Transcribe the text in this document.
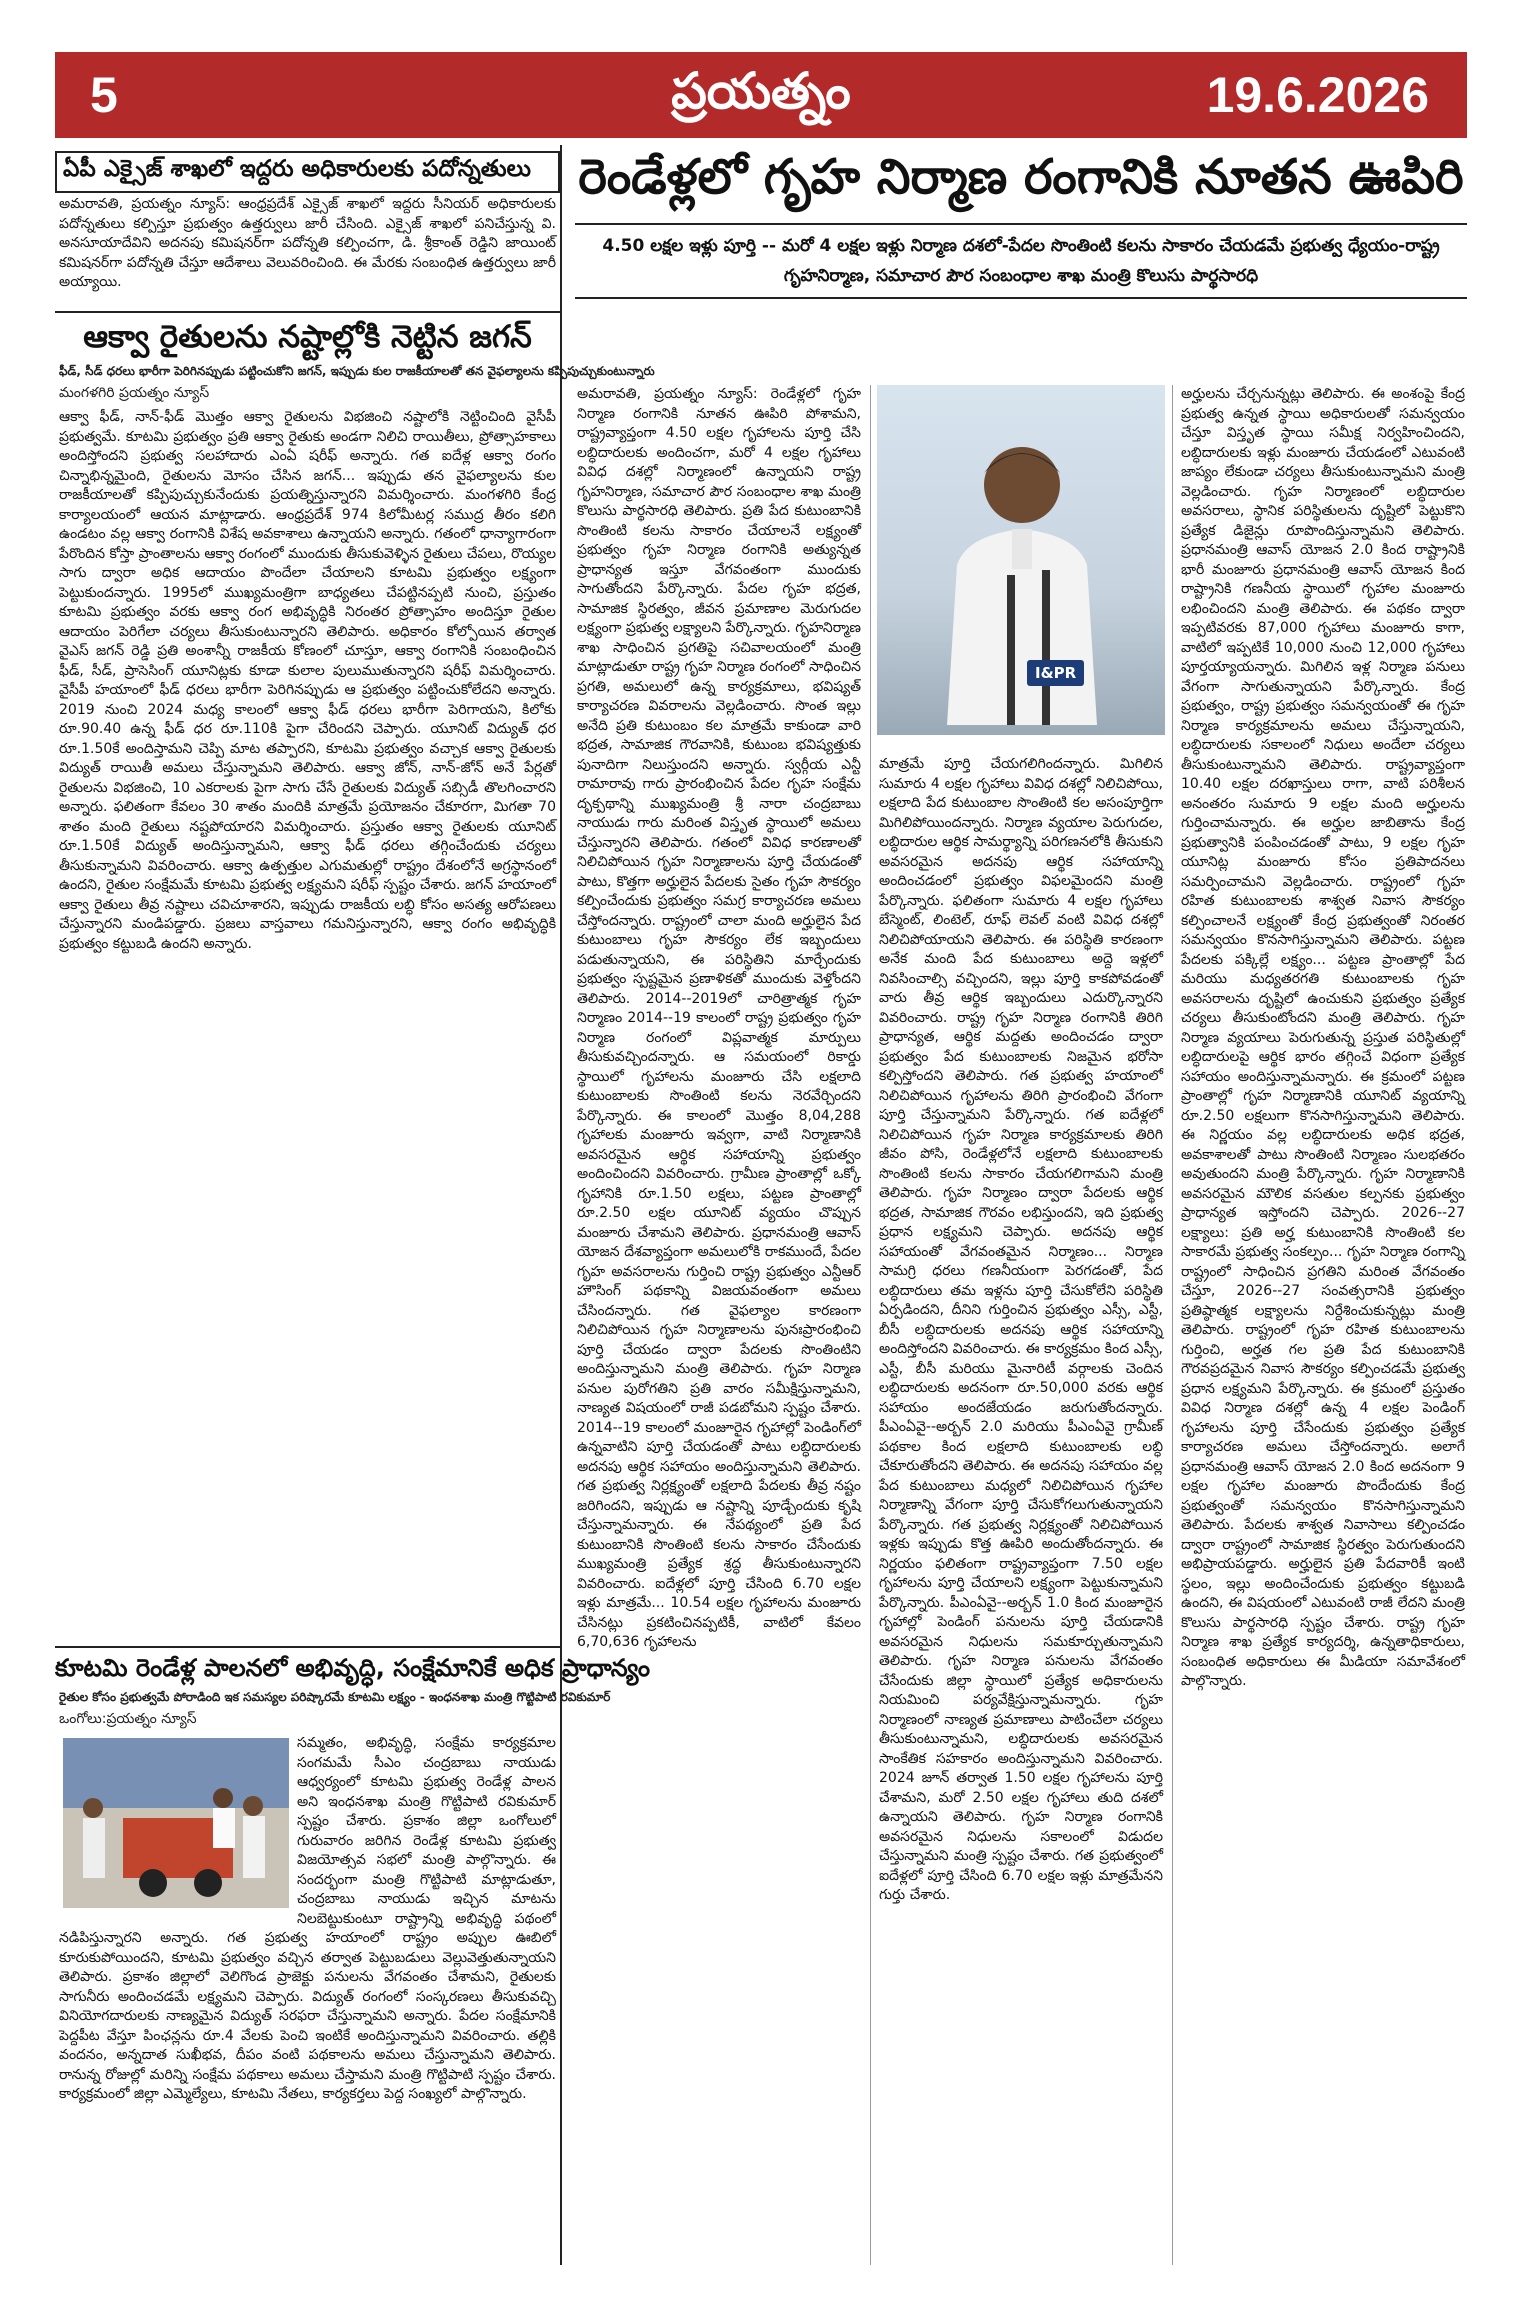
5	ప్రయత్నం	19.6.2026
ఏపీ ఎక్సైజ్ శాఖలో ఇద్దరు అధికారులకు పదోన్నతులు
అమరావతి, ప్రయత్నం న్యూస్: ఆంధ్రప్రదేశ్ ఎక్సైజ్ శాఖలో ఇద్దరు సీనియర్ అధికారులకు పదోన్నతులు కల్పిస్తూ ప్రభుత్వం ఉత్తర్వులు జారీ చేసింది. ఎక్సైజ్ శాఖలో పనిచేస్తున్న వి. అనసూయాదేవిని అదనపు కమిషనర్‌గా పదోన్నతి కల్పించగా, డి. శ్రీకాంత్ రెడ్డిని జాయింట్ కమిషనర్‌గా పదోన్నతి చేస్తూ ఆదేశాలు వెలువరించింది. ఈ మేరకు సంబంధిత ఉత్తర్వులు జారీ అయ్యాయి.
ఆక్వా రైతులను నష్టాల్లోకి నెట్టిన జగన్
ఫీడ్, సీడ్ ధరలు భారీగా పెరిగినప్పుడు పట్టించుకోని జగన్, ఇప్పుడు కుల రాజకీయాలతో తన వైఫల్యాలను కప్పిపుచ్చుకుంటున్నారు
మంగళగిరి ప్రయత్నం న్యూస్
ఆక్వా ఫీడ్, నాన్-ఫీడ్ మొత్తం ఆక్వా రైతులను విభజించి నష్టాలోకి నెట్టించింది వైసీపీ ప్రభుత్వమే. కూటమి ప్రభుత్వం ప్రతి ఆక్వా రైతుకు అండగా నిలిచి రాయితీలు, ప్రోత్సాహకాలు అందిస్తోందని ప్రభుత్వ సలహాదారు ఎంఏ షరీఫ్ అన్నారు. గత ఐదేళ్ల ఆక్వా రంగం చిన్నాభిన్నమైంది, రైతులను మోసం చేసిన జగన్... ఇప్పుడు తన వైఫల్యాలను కుల రాజకీయాలతో కప్పిపుచ్చుకునేందుకు ప్రయత్నిస్తున్నారని విమర్శించారు. మంగళగిరి కేంద్ర కార్యాలయంలో ఆయన మాట్లాడారు. ఆంధ్రప్రదేశ్ 974 కిలోమీటర్ల సముద్ర తీరం కలిగి ఉండటం వల్ల ఆక్వా రంగానికి విశేష అవకాశాలు ఉన్నాయని అన్నారు. గతంలో ధాన్యాగారంగా పేరొందిన కోస్తా ప్రాంతాలను ఆక్వా రంగంలో ముందుకు తీసుకువెళ్ళిన రైతులు చేపలు, రొయ్యల సాగు ద్వారా అధిక ఆదాయం పొందేలా చేయాలని కూటమి ప్రభుత్వం లక్ష్యంగా పెట్టుకుందన్నారు. 1995లో ముఖ్యమంత్రిగా బాధ్యతలు చేపట్టినప్పటి నుంచి, ప్రస్తుతం కూటమి ప్రభుత్వం వరకు ఆక్వా రంగ అభివృద్ధికి నిరంతర ప్రోత్సాహం అందిస్తూ రైతుల ఆదాయం పెరిగేలా చర్యలు తీసుకుంటున్నారని తెలిపారు. అధికారం కోల్పోయిన తర్వాత వైఎస్ జగన్ రెడ్డి ప్రతి అంశాన్నీ రాజకీయ కోణంలో చూస్తూ, ఆక్వా రంగానికి సంబంధించిన ఫీడ్, సీడ్, ప్రాసెసింగ్ యూనిట్లకు కూడా కులాల పులుముతున్నారని షరీఫ్ విమర్శించారు. వైసీపీ హయాంలో ఫీడ్ ధరలు భారీగా పెరిగినప్పుడు ఆ ప్రభుత్వం పట్టించుకోలేదని అన్నారు. 2019 నుంచి 2024 మధ్య కాలంలో ఆక్వా ఫీడ్ ధరలు భారీగా పెరిగాయని, కిలోకు రూ.90.40 ఉన్న ఫీడ్ ధర రూ.110కి పైగా చేరిందని చెప్పారు. యూనిట్ విద్యుత్ ధర రూ.1.50కే అందిస్తామని చెప్పి మాట తప్పారని, కూటమి ప్రభుత్వం వచ్చాక ఆక్వా రైతులకు విద్యుత్ రాయితీ అమలు చేస్తున్నామని తెలిపారు. ఆక్వా జోన్, నాన్-జోన్ అనే పేర్లతో రైతులను విభజించి, 10 ఎకరాలకు పైగా సాగు చేసే రైతులకు విద్యుత్ సబ్సిడీ తొలగించారని అన్నారు. ఫలితంగా కేవలం 30 శాతం మందికి మాత్రమే ప్రయోజనం చేకూరగా, మిగతా 70 శాతం మంది రైతులు నష్టపోయారని విమర్శించారు. ప్రస్తుతం ఆక్వా రైతులకు యూనిట్ రూ.1.50కే విద్యుత్ అందిస్తున్నామని, ఆక్వా ఫీడ్ ధరలు తగ్గించేందుకు చర్యలు తీసుకున్నామని వివరించారు. ఆక్వా ఉత్పత్తుల ఎగుమతుల్లో రాష్ట్రం దేశంలోనే అగ్రస్థానంలో ఉందని, రైతుల సంక్షేమమే కూటమి ప్రభుత్వ లక్ష్యమని షరీఫ్ స్పష్టం చేశారు. జగన్ హయాంలో ఆక్వా రైతులు తీవ్ర నష్టాలు చవిచూశారని, ఇప్పుడు రాజకీయ లబ్ధి కోసం అసత్య ఆరోపణలు చేస్తున్నారని మండిపడ్డారు. ప్రజలు వాస్తవాలు గమనిస్తున్నారని, ఆక్వా రంగం అభివృద్ధికి ప్రభుత్వం కట్టుబడి ఉందని అన్నారు.
కూటమి రెండేళ్ల పాలనలో అభివృద్ధి, సంక్షేమానికే అధిక ప్రాధాన్యం
రైతుల కోసం ప్రభుత్వమే పోరాడింది ఇక సమస్యల పరిష్కారమే కూటమి లక్ష్యం - ఇంధనశాఖ మంత్రి గొట్టిపాటి రవికుమార్
ఒంగోలు:ప్రయత్నం న్యూస్
సమ్మతం, అభివృద్ధి, సంక్షేమ కార్యక్రమాల సంగమమే సీఎం చంద్రబాబు నాయుడు ఆధ్వర్యంలో కూటమి ప్రభుత్వ రెండేళ్ల పాలన అని ఇంధనశాఖ మంత్రి గొట్టిపాటి రవికుమార్ స్పష్టం చేశారు. ప్రకాశం జిల్లా ఒంగోలులో గురువారం జరిగిన రెండేళ్ల కూటమి ప్రభుత్వ విజయోత్సవ సభలో మంత్రి పాల్గొన్నారు. ఈ సందర్భంగా మంత్రి గొట్టిపాటి మాట్లాడుతూ, చంద్రబాబు నాయుడు ఇచ్చిన మాటను నిలబెట్టుకుంటూ రాష్ట్రాన్ని అభివృద్ధి పథంలో నడిపిస్తున్నారని అన్నారు. గత ప్రభుత్వ హయాంలో రాష్ట్రం అప్పుల ఊబిలో కూరుకుపోయిందని, కూటమి ప్రభుత్వం వచ్చిన తర్వాత పెట్టుబడులు వెల్లువెత్తుతున్నాయని తెలిపారు. ప్రకాశం జిల్లాలో వెలిగొండ ప్రాజెక్టు పనులను వేగవంతం చేశామని, రైతులకు సాగునీరు అందించడమే లక్ష్యమని చెప్పారు. విద్యుత్ రంగంలో సంస్కరణలు తీసుకువచ్చి వినియోగదారులకు నాణ్యమైన విద్యుత్ సరఫరా చేస్తున్నామని అన్నారు. పేదల సంక్షేమానికి పెద్దపీట వేస్తూ పింఛన్లను రూ.4 వేలకు పెంచి ఇంటికే అందిస్తున్నామని వివరించారు. తల్లికి వందనం, అన్నదాత సుఖీభవ, దీపం వంటి పథకాలను అమలు చేస్తున్నామని తెలిపారు. రానున్న రోజుల్లో మరిన్ని సంక్షేమ పథకాలు అమలు చేస్తామని మంత్రి గొట్టిపాటి స్పష్టం చేశారు. కార్యక్రమంలో జిల్లా ఎమ్మెల్యేలు, కూటమి నేతలు, కార్యకర్తలు పెద్ద సంఖ్యలో పాల్గొన్నారు.
రెండేళ్లలో గృహ నిర్మాణ రంగానికి నూతన ఊపిరి
4.50 లక్షల ఇళ్లు పూర్తి -- మరో 4 లక్షల ఇళ్లు నిర్మాణ దశలో-పేదల సొంతింటి కలను సాకారం చేయడమే ప్రభుత్వ ధ్యేయం-రాష్ట్ర గృహనిర్మాణ, సమాచార పౌర సంబంధాల శాఖ మంత్రి కొలుసు పార్థసారధి
అమరావతి, ప్రయత్నం న్యూస్: రెండేళ్లలో గృహ నిర్మాణ రంగానికి నూతన ఊపిరి పోశామని, రాష్ట్రవ్యాప్తంగా 4.50 లక్షల గృహాలను పూర్తి చేసి లబ్ధిదారులకు అందించగా, మరో 4 లక్షల గృహాలు వివిధ దశల్లో నిర్మాణంలో ఉన్నాయని రాష్ట్ర గృహనిర్మాణ, సమాచార పౌర సంబంధాల శాఖ మంత్రి కొలుసు పార్థసారధి తెలిపారు. ప్రతి పేద కుటుంబానికి సొంతింటి కలను సాకారం చేయాలనే లక్ష్యంతో ప్రభుత్వం గృహ నిర్మాణ రంగానికి అత్యున్నత ప్రాధాన్యత ఇస్తూ వేగవంతంగా ముందుకు సాగుతోందని పేర్కొన్నారు. పేదల గృహ భద్రత, సామాజిక స్థిరత్వం, జీవన ప్రమాణాల మెరుగుదల లక్ష్యంగా ప్రభుత్వ లక్ష్యాలని పేర్కొన్నారు. గృహనిర్మాణ శాఖ సాధించిన ప్రగతిపై సచివాలయంలో మంత్రి మాట్లాడుతూ రాష్ట్ర గృహ నిర్మాణ రంగంలో సాధించిన ప్రగతి, అమలులో ఉన్న కార్యక్రమాలు, భవిష్యత్ కార్యాచరణ వివరాలను వెల్లడించారు. సొంత ఇల్లు అనేది ప్రతి కుటుంబం కల మాత్రమే కాకుండా వారి భద్రత, సామాజిక గౌరవానికి, కుటుంబ భవిష్యత్తుకు పునాదిగా నిలుస్తుందని అన్నారు. స్వర్గీయ ఎన్టీ రామారావు గారు ప్రారంభించిన పేదల గృహ సంక్షేమ దృక్పథాన్ని ముఖ్యమంత్రి శ్రీ నారా చంద్రబాబు నాయుడు గారు మరింత విస్తృత స్థాయిలో అమలు చేస్తున్నారని తెలిపారు. గతంలో వివిధ కారణాలతో నిలిచిపోయిన గృహ నిర్మాణాలను పూర్తి చేయడంతో పాటు, కొత్తగా అర్హులైన పేదలకు సైతం గృహ సౌకర్యం కల్పించేందుకు ప్రభుత్వం సమగ్ర కార్యాచరణ అమలు చేస్తోందన్నారు. రాష్ట్రంలో చాలా మంది అర్హులైన పేద కుటుంబాలు గృహ సౌకర్యం లేక ఇబ్బందులు పడుతున్నాయని, ఈ పరిస్థితిని మార్చేందుకు ప్రభుత్వం స్పష్టమైన ప్రణాళికతో ముందుకు వెళ్తోందని తెలిపారు. 2014--2019లో చారిత్రాత్మక గృహ నిర్మాణం 2014--19 కాలంలో రాష్ట్ర ప్రభుత్వం గృహ నిర్మాణ రంగంలో విప్లవాత్మక మార్పులు తీసుకువచ్చిందన్నారు. ఆ సమయంలో రికార్డు స్థాయిలో గృహాలను మంజూరు చేసి లక్షలాది కుటుంబాలకు సొంతింటి కలను నెరవేర్చిందని పేర్కొన్నారు. ఈ కాలంలో మొత్తం 8,04,288 గృహాలకు మంజూరు ఇవ్వగా, వాటి నిర్మాణానికి అవసరమైన ఆర్థిక సహాయాన్ని ప్రభుత్వం అందించిందని వివరించారు. గ్రామీణ ప్రాంతాల్లో ఒక్కో గృహానికి రూ.1.50 లక్షలు, పట్టణ ప్రాంతాల్లో రూ.2.50 లక్షల యూనిట్ వ్యయం చొప్పున మంజూరు చేశామని తెలిపారు. ప్రధానమంత్రి ఆవాస్ యోజన దేశవ్యాప్తంగా అమలులోకి రాకముందే, పేదల గృహ అవసరాలను గుర్తించి రాష్ట్ర ప్రభుత్వం ఎన్టీఆర్ హౌసింగ్ పథకాన్ని విజయవంతంగా అమలు చేసిందన్నారు. గత వైఫల్యాల కారణంగా నిలిచిపోయిన గృహ నిర్మాణాలను పునఃప్రారంభించి పూర్తి చేయడం ద్వారా పేదలకు సొంతింటిని అందిస్తున్నామని మంత్రి తెలిపారు. గృహ నిర్మాణ పనుల పురోగతిని ప్రతి వారం సమీక్షిస్తున్నామని, నాణ్యత విషయంలో రాజీ పడబోమని స్పష్టం చేశారు. 2014--19 కాలంలో మంజూరైన గృహాల్లో పెండింగ్‌లో ఉన్నవాటిని పూర్తి చేయడంతో పాటు లబ్ధిదారులకు అదనపు ఆర్థిక సహాయం అందిస్తున్నామని తెలిపారు. గత ప్రభుత్వ నిర్లక్ష్యంతో లక్షలాది పేదలకు తీవ్ర నష్టం జరిగిందని, ఇప్పుడు ఆ నష్టాన్ని పూడ్చేందుకు కృషి చేస్తున్నామన్నారు. ఈ నేపథ్యంలో ప్రతి పేద కుటుంబానికి సొంతింటి కలను సాకారం చేసేందుకు ముఖ్యమంత్రి ప్రత్యేక శ్రద్ధ తీసుకుంటున్నారని వివరించారు. ఐదేళ్లలో పూర్తి చేసింది 6.70 లక్షల ఇళ్లు మాత్రమే... 10.54 లక్షల గృహాలను మంజూరు చేసినట్లు ప్రకటించినప్పటికీ, వాటిలో కేవలం 6,70,636 గృహాలను
I&PR
మాత్రమే పూర్తి చేయగలిగిందన్నారు. మిగిలిన సుమారు 4 లక్షల గృహాలు వివిధ దశల్లో నిలిచిపోయి, లక్షలాది పేద కుటుంబాల సొంతింటి కల అసంపూర్తిగా మిగిలిపోయిందన్నారు. నిర్మాణ వ్యయాల పెరుగుదల, లబ్ధిదారుల ఆర్థిక సామర్థ్యాన్ని పరిగణనలోకి తీసుకుని అవసరమైన అదనపు ఆర్థిక సహాయాన్ని అందించడంలో ప్రభుత్వం విఫలమైందని మంత్రి పేర్కొన్నారు. ఫలితంగా సుమారు 4 లక్షల గృహాలు బేస్మెంట్, లింటెల్, రూఫ్ లెవల్ వంటి వివిధ దశల్లో నిలిచిపోయాయని తెలిపారు. ఈ పరిస్థితి కారణంగా అనేక మంది పేద కుటుంబాలు అద్దె ఇళ్లలో నివసించాల్సి వచ్చిందని, ఇల్లు పూర్తి కాకపోవడంతో వారు తీవ్ర ఆర్థిక ఇబ్బందులు ఎదుర్కొన్నారని వివరించారు. రాష్ట్ర గృహ నిర్మాణ రంగానికి తిరిగి ప్రాధాన్యత, ఆర్థిక మద్దతు అందించడం ద్వారా ప్రభుత్వం పేద కుటుంబాలకు నిజమైన భరోసా కల్పిస్తోందని తెలిపారు. గత ప్రభుత్వ హయాంలో నిలిచిపోయిన గృహాలను తిరిగి ప్రారంభించి వేగంగా పూర్తి చేస్తున్నామని పేర్కొన్నారు. గత ఐదేళ్లలో నిలిచిపోయిన గృహ నిర్మాణ కార్యక్రమాలకు తిరిగి జీవం పోసి, రెండేళ్లలోనే లక్షలాది కుటుంబాలకు సొంతింటి కలను సాకారం చేయగలిగామని మంత్రి తెలిపారు. గృహ నిర్మాణం ద్వారా పేదలకు ఆర్థిక భద్రత, సామాజిక గౌరవం లభిస్తుందని, ఇది ప్రభుత్వ ప్రధాన లక్ష్యమని చెప్పారు. అదనపు ఆర్థిక సహాయంతో వేగవంతమైన నిర్మాణం... నిర్మాణ సామగ్రి ధరలు గణనీయంగా పెరగడంతో, పేద లబ్ధిదారులు తమ ఇళ్లను పూర్తి చేసుకోలేని పరిస్థితి ఏర్పడిందని, దీనిని గుర్తించిన ప్రభుత్వం ఎస్సీ, ఎస్టీ, బీసీ లబ్ధిదారులకు అదనపు ఆర్థిక సహాయాన్ని అందిస్తోందని వివరించారు. ఈ కార్యక్రమం కింద ఎస్సీ, ఎస్టీ, బీసీ మరియు మైనారిటీ వర్గాలకు చెందిన లబ్ధిదారులకు అదనంగా రూ.50,000 వరకు ఆర్థిక సహాయం అందజేయడం జరుగుతోందన్నారు. పీఎంఏవై--అర్బన్ 2.0 మరియు పీఎంఏవై గ్రామీణ్ పథకాల కింద లక్షలాది కుటుంబాలకు లబ్ధి చేకూరుతోందని తెలిపారు. ఈ అదనపు సహాయం వల్ల పేద కుటుంబాలు మధ్యలో నిలిచిపోయిన గృహాల నిర్మాణాన్ని వేగంగా పూర్తి చేసుకోగలుగుతున్నాయని పేర్కొన్నారు. గత ప్రభుత్వ నిర్లక్ష్యంతో నిలిచిపోయిన ఇళ్లకు ఇప్పుడు కొత్త ఊపిరి అందుతోందన్నారు. ఈ నిర్ణయం ఫలితంగా రాష్ట్రవ్యాప్తంగా 7.50 లక్షల గృహాలను పూర్తి చేయాలని లక్ష్యంగా పెట్టుకున్నామని పేర్కొన్నారు. పీఎంఏవై--అర్బన్ 1.0 కింద మంజూరైన గృహాల్లో పెండింగ్ పనులను పూర్తి చేయడానికి అవసరమైన నిధులను సమకూర్చుతున్నామని తెలిపారు. గృహ నిర్మాణ పనులను వేగవంతం చేసేందుకు జిల్లా స్థాయిలో ప్రత్యేక అధికారులను నియమించి పర్యవేక్షిస్తున్నామన్నారు. గృహ నిర్మాణంలో నాణ్యత ప్రమాణాలు పాటించేలా చర్యలు తీసుకుంటున్నామని, లబ్ధిదారులకు అవసరమైన సాంకేతిక సహకారం అందిస్తున్నామని వివరించారు. 2024 జూన్ తర్వాత 1.50 లక్షల గృహాలను పూర్తి చేశామని, మరో 2.50 లక్షల గృహాలు తుది దశలో ఉన్నాయని తెలిపారు. గృహ నిర్మాణ రంగానికి అవసరమైన నిధులను సకాలంలో విడుదల చేస్తున్నామని మంత్రి స్పష్టం చేశారు. గత ప్రభుత్వంలో ఐదేళ్లలో పూర్తి చేసింది 6.70 లక్షల ఇళ్లు మాత్రమేనని గుర్తు చేశారు.
అర్హులను చేర్చనున్నట్లు తెలిపారు. ఈ అంశంపై కేంద్ర ప్రభుత్వ ఉన్నత స్థాయి అధికారులతో సమన్వయం చేస్తూ విస్తృత స్థాయి సమీక్ష నిర్వహించిందని, లబ్ధిదారులకు ఇళ్లు మంజూరు చేయడంలో ఎటువంటి జాప్యం లేకుండా చర్యలు తీసుకుంటున్నామని మంత్రి వెల్లడించారు. గృహ నిర్మాణంలో లబ్ధిదారుల అవసరాలు, స్థానిక పరిస్థితులను దృష్టిలో పెట్టుకొని ప్రత్యేక డిజైన్లు రూపొందిస్తున్నామని తెలిపారు. ప్రధానమంత్రి ఆవాస్ యోజన 2.0 కింద రాష్ట్రానికి భారీ మంజూరు ప్రధానమంత్రి ఆవాస్ యోజన కింద రాష్ట్రానికి గణనీయ స్థాయిలో గృహాల మంజూరు లభించిందని మంత్రి తెలిపారు. ఈ పథకం ద్వారా ఇప్పటివరకు 87,000 గృహాలు మంజూరు కాగా, వాటిలో ఇప్పటికే 10,000 నుంచి 12,000 గృహాలు పూర్తయ్యాయన్నారు. మిగిలిన ఇళ్ల నిర్మాణ పనులు వేగంగా సాగుతున్నాయని పేర్కొన్నారు. కేంద్ర ప్రభుత్వం, రాష్ట్ర ప్రభుత్వం సమన్వయంతో ఈ గృహ నిర్మాణ కార్యక్రమాలను అమలు చేస్తున్నాయని, లబ్ధిదారులకు సకాలంలో నిధులు అందేలా చర్యలు తీసుకుంటున్నామని తెలిపారు. రాష్ట్రవ్యాప్తంగా 10.40 లక్షల దరఖాస్తులు రాగా, వాటి పరిశీలన అనంతరం సుమారు 9 లక్షల మంది అర్హులను గుర్తించామన్నారు. ఈ అర్హుల జాబితాను కేంద్ర ప్రభుత్వానికి పంపించడంతో పాటు, 9 లక్షల గృహ యూనిట్ల మంజూరు కోసం ప్రతిపాదనలు సమర్పించామని వెల్లడించారు. రాష్ట్రంలో గృహ రహిత కుటుంబాలకు శాశ్వత నివాస సౌకర్యం కల్పించాలనే లక్ష్యంతో కేంద్ర ప్రభుత్వంతో నిరంతర సమన్వయం కొనసాగిస్తున్నామని తెలిపారు. పట్టణ పేదలకు పక్కిల్లే లక్ష్యం... పట్టణ ప్రాంతాల్లో పేద మరియు మధ్యతరగతి కుటుంబాలకు గృహ అవసరాలను దృష్టిలో ఉంచుకుని ప్రభుత్వం ప్రత్యేక చర్యలు తీసుకుంటోందని మంత్రి తెలిపారు. గృహ నిర్మాణ వ్యయాలు పెరుగుతున్న ప్రస్తుత పరిస్థితుల్లో లబ్ధిదారులపై ఆర్థిక భారం తగ్గించే విధంగా ప్రత్యేక సహాయం అందిస్తున్నామన్నారు. ఈ క్రమంలో పట్టణ ప్రాంతాల్లో గృహ నిర్మాణానికి యూనిట్ వ్యయాన్ని రూ.2.50 లక్షలుగా కొనసాగిస్తున్నామని తెలిపారు. ఈ నిర్ణయం వల్ల లబ్ధిదారులకు అధిక భద్రత, అవకాశాలతో పాటు సొంతింటి నిర్మాణం సులభతరం అవుతుందని మంత్రి పేర్కొన్నారు. గృహ నిర్మాణానికి అవసరమైన మౌలిక వసతుల కల్పనకు ప్రభుత్వం ప్రాధాన్యత ఇస్తోందని చెప్పారు. 2026--27 లక్ష్యాలు: ప్రతి అర్హ కుటుంబానికి సొంతింటి కల సాకారమే ప్రభుత్వ సంకల్పం... గృహ నిర్మాణ రంగాన్ని రాష్ట్రంలో సాధించిన ప్రగతిని మరింత వేగవంతం చేస్తూ, 2026--27 సంవత్సరానికి ప్రభుత్వం ప్రతిష్ఠాత్మక లక్ష్యాలను నిర్దేశించుకున్నట్లు మంత్రి తెలిపారు. రాష్ట్రంలో గృహ రహిత కుటుంబాలను గుర్తించి, అర్హత గల ప్రతి పేద కుటుంబానికి గౌరవప్రదమైన నివాస సౌకర్యం కల్పించడమే ప్రభుత్వ ప్రధాన లక్ష్యమని పేర్కొన్నారు. ఈ క్రమంలో ప్రస్తుతం వివిధ నిర్మాణ దశల్లో ఉన్న 4 లక్షల పెండింగ్ గృహాలను పూర్తి చేసేందుకు ప్రభుత్వం ప్రత్యేక కార్యాచరణ అమలు చేస్తోందన్నారు. అలాగే ప్రధానమంత్రి ఆవాస్ యోజన 2.0 కింద అదనంగా 9 లక్షల గృహాల మంజూరు పొందేందుకు కేంద్ర ప్రభుత్వంతో సమన్వయం కొనసాగిస్తున్నామని తెలిపారు. పేదలకు శాశ్వత నివాసాలు కల్పించడం ద్వారా రాష్ట్రంలో సామాజిక స్థిరత్వం పెరుగుతుందని అభిప్రాయపడ్డారు. అర్హులైన ప్రతి పేదవారికీ ఇంటి స్థలం, ఇల్లు అందించేందుకు ప్రభుత్వం కట్టుబడి ఉందని, ఈ విషయంలో ఎటువంటి రాజీ లేదని మంత్రి కొలుసు పార్థసారధి స్పష్టం చేశారు. రాష్ట్ర గృహ నిర్మాణ శాఖ ప్రత్యేక కార్యదర్శి, ఉన్నతాధికారులు, సంబంధిత అధికారులు ఈ మీడియా సమావేశంలో పాల్గొన్నారు.
